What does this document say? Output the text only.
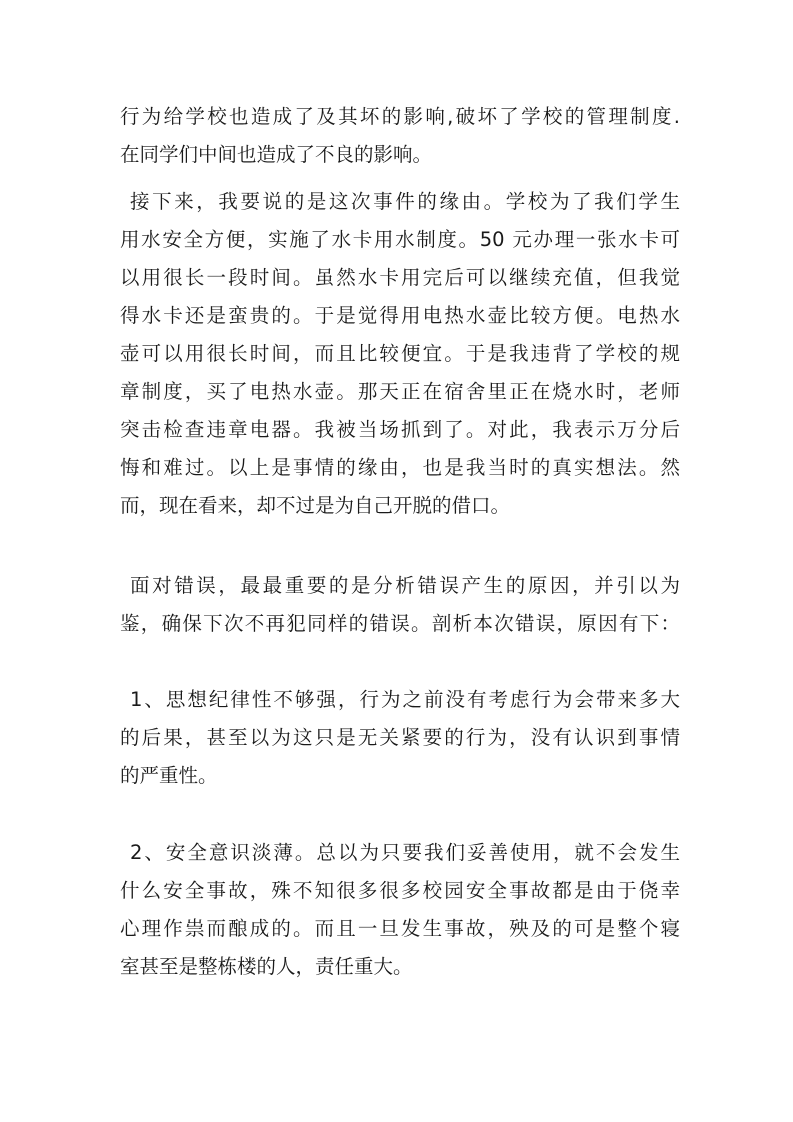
行为给学校也造成了及其坏的影响,破坏了学校的管理制度.
在同学们中间也造成了不良的影响。
接下来，我要说的是这次事件的缘由。学校为了我们学生
用水安全方便，实施了水卡用水制度。50 元办理一张水卡可
以用很长一段时间。虽然水卡用完后可以继续充值，但我觉
得水卡还是蛮贵的。于是觉得用电热水壶比较方便。电热水
壶可以用很长时间，而且比较便宜。于是我违背了学校的规
章制度，买了电热水壶。那天正在宿舍里正在烧水时，老师
突击检查违章电器。我被当场抓到了。对此，我表示万分后
悔和难过。以上是事情的缘由，也是我当时的真实想法。然
而，现在看来，却不过是为自己开脱的借口。
面对错误，最最重要的是分析错误产生的原因，并引以为
鉴，确保下次不再犯同样的错误。剖析本次错误，原因有下：
1、思想纪律性不够强，行为之前没有考虑行为会带来多大
的后果，甚至以为这只是无关紧要的行为，没有认识到事情
的严重性。
2、安全意识淡薄。总以为只要我们妥善使用，就不会发生
什么安全事故，殊不知很多很多校园安全事故都是由于侥幸
心理作祟而酿成的。而且一旦发生事故，殃及的可是整个寝
室甚至是整栋楼的人，责任重大。
